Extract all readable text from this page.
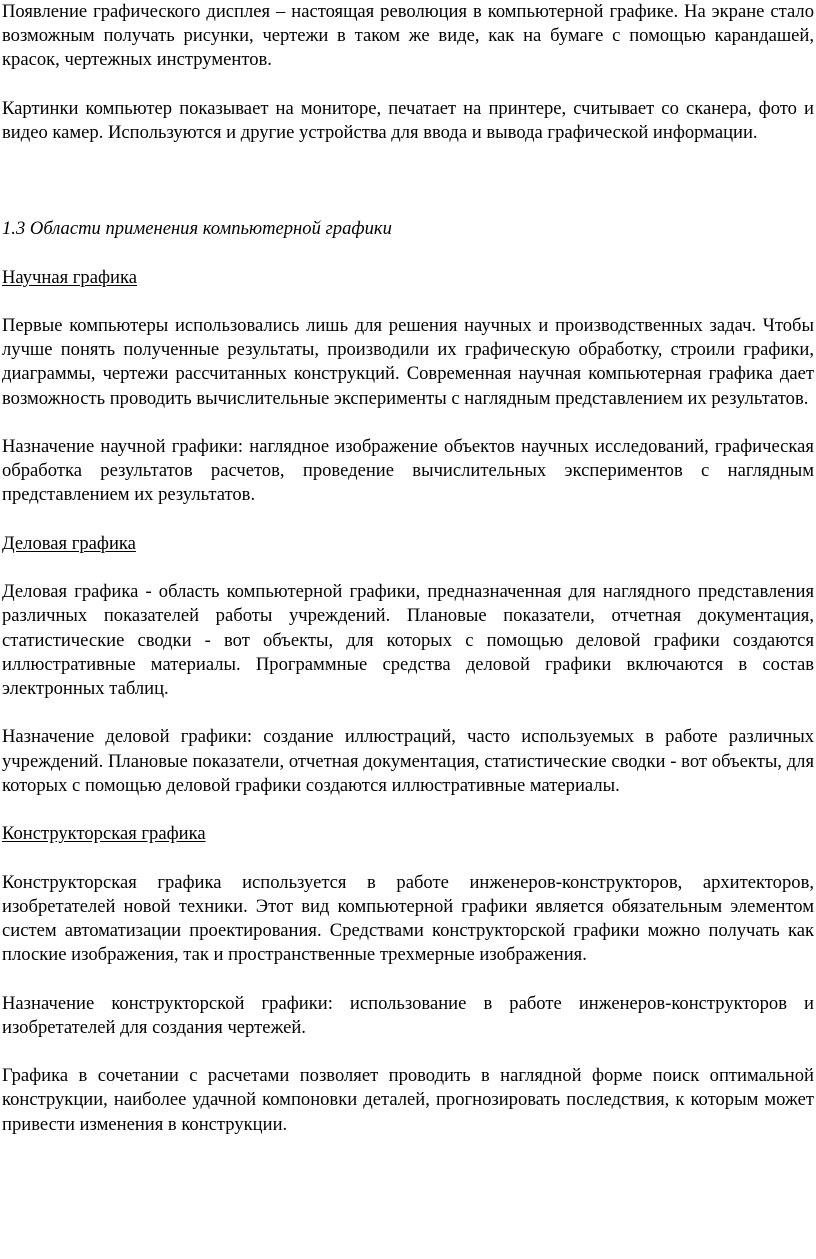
Появление графического дисплея – настоящая революция в компьютерной графике. На экране стало возможным получать рисунки, чертежи в таком же виде, как на бумаге с помощью карандашей, красок, чертежных инструментов.

Картинки компьютер показывает на мониторе, печатает на принтере, считывает со сканера, фото и видео камер. Используются и другие устройства для ввода и вывода графической информации.

1.3 Области применения компьютерной графики
Научная графика

Первые компьютеры использовались лишь для решения научных и производственных задач. Чтобы лучше понять полученные результаты, производили их графическую обработку, строили графики, диаграммы, чертежи рассчитанных конструкций. Современная научная компьютерная графика дает возможность проводить вычислительные эксперименты с наглядным представлением их результатов.

Назначение научной графики: наглядное изображение объектов научных исследований, графическая обработка результатов расчетов, проведение вычислительных экспериментов с наглядным представлением их результатов.

Деловая графика

Деловая графика - область компьютерной графики, предназначенная для наглядного представления различных показателей работы учреждений. Плановые показатели, отчетная документация, статистические сводки - вот объекты, для которых с помощью деловой графики создаются иллюстративные материалы. Программные средства деловой графики включаются в состав электронных таблиц.

Назначение деловой графики: создание иллюстраций, часто используемых в работе различных учреждений. Плановые показатели, отчетная документация, статистические сводки - вот объекты, для которых с помощью деловой графики создаются иллюстративные материалы.

Конструкторская графика

Конструкторская графика используется в работе инженеров-конструкторов, архитекторов, изобретателей новой техники. Этот вид компьютерной графики является обязательным элементом систем автоматизации проектирования. Средствами конструкторской графики можно получать как плоские изображения, так и пространственные трехмерные изображения.

Назначение конструкторской графики: использование в работе инженеров-конструкторов и изобретателей для создания чертежей.

Графика в сочетании с расчетами позволяет проводить в наглядной форме поиск оптимальной конструкции, наиболее удачной компоновки деталей, прогнозировать последствия, к которым может привести изменения в конструкции.
